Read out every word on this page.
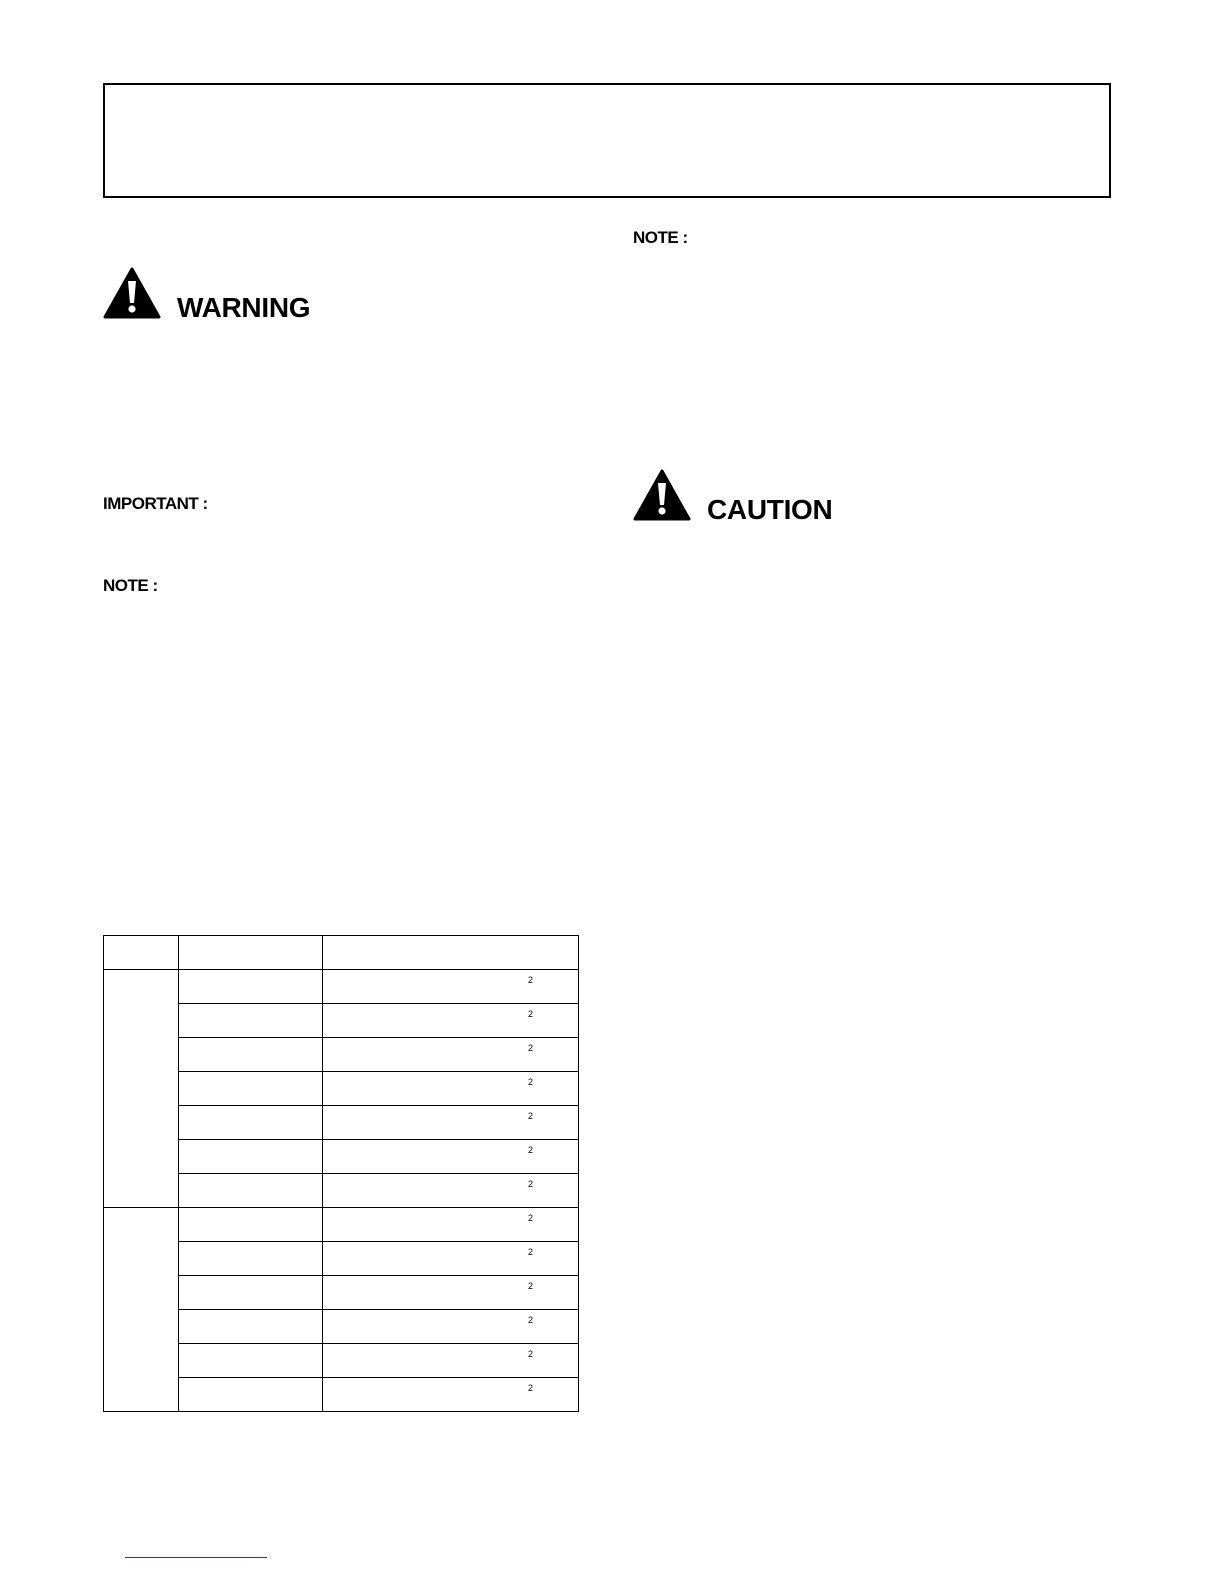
WARNING
IMPORTANT :
NOTE :
NOTE :
CAUTION

		2

		2

		2

		2

		2

		2

		2

		2

		2

		2

		2

		2

		2
